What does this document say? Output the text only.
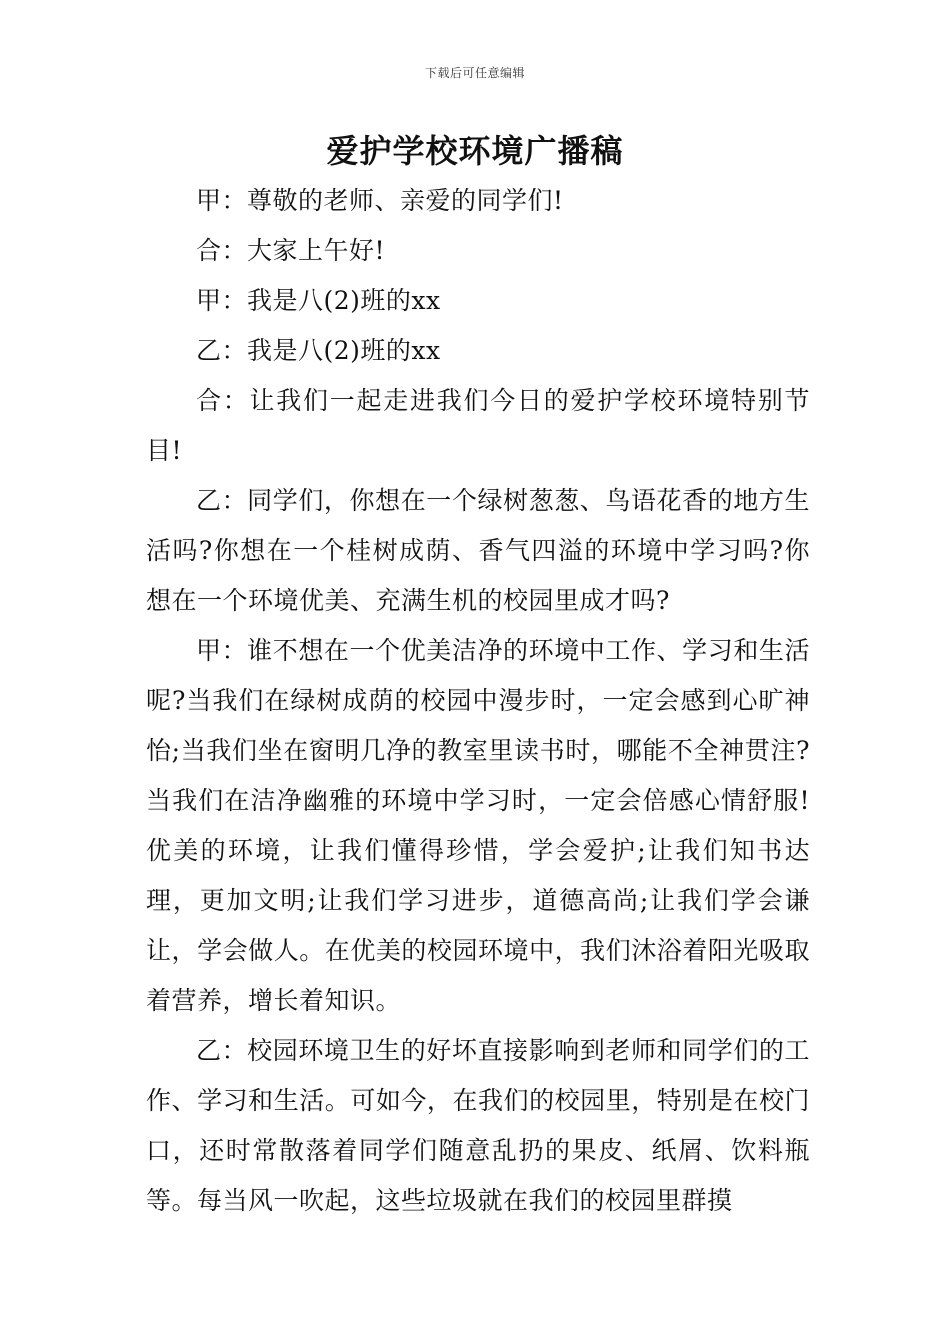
下载后可任意编辑
爱护学校环境广播稿

甲：尊敬的老师、亲爱的同学们!

合：大家上午好!

甲：我是八(2)班的xx

乙：我是八(2)班的xx

合：让我们一起走进我们今日的爱护学校环境特别节目!

乙：同学们，你想在一个绿树葱葱、鸟语花香的地方生活吗?你想在一个桂树成荫、香气四溢的环境中学习吗?你想在一个环境优美、充满生机的校园里成才吗?

甲：谁不想在一个优美洁净的环境中工作、学习和生活呢?当我们在绿树成荫的校园中漫步时，一定会感到心旷神怡;当我们坐在窗明几净的教室里读书时，哪能不全神贯注?当我们在洁净幽雅的环境中学习时，一定会倍感心情舒服!优美的环境，让我们懂得珍惜，学会爱护;让我们知书达理，更加文明;让我们学习进步，道德高尚;让我们学会谦让，学会做人。在优美的校园环境中，我们沐浴着阳光吸取着营养，增长着知识。

乙：校园环境卫生的好坏直接影响到老师和同学们的工作、学习和生活。可如今，在我们的校园里，特别是在校门口，还时常散落着同学们随意乱扔的果皮、纸屑、饮料瓶等。每当风一吹起，这些垃圾就在我们的校园里群摸
